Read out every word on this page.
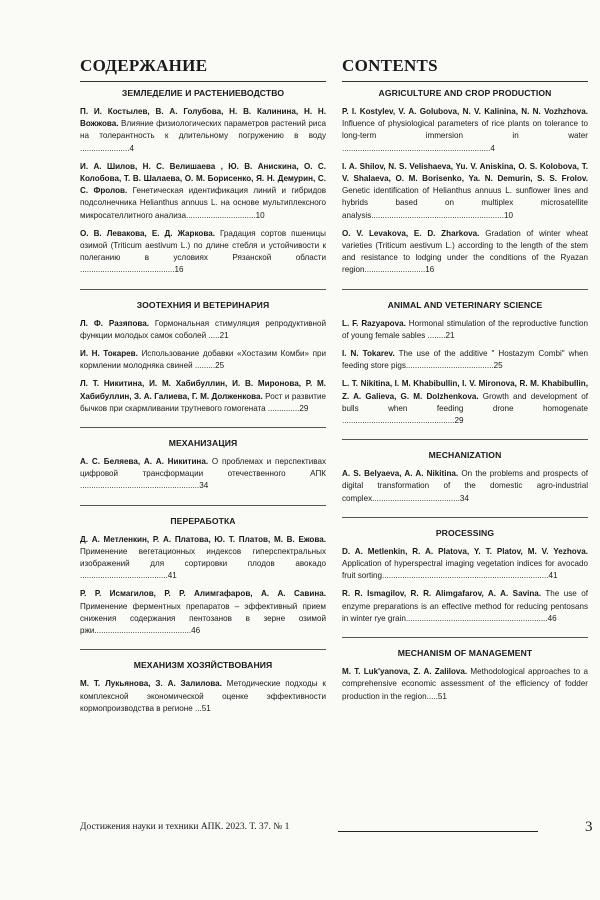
СОДЕРЖАНИЕ
ЗЕМЛЕДЕЛИЕ И РАСТЕНИЕВОДСТВО
П. И. Костылев, В. А. Голубова, Н. В. Калинина, Н. Н. Вожжова. Влияние физиологических параметров растений риса на толерантность к длительному погружению в воду ......................4
И. А. Шилов, Н. С. Велишаева , Ю. В. Анискина, О. С. Колобова, Т. В. Шалаева, О. М. Борисенко, Я. Н. Демурин, С. С. Фролов. Генетическая идентификация линий и гибридов подсолнечника Helianthus annuus L. на основе мультиплексного микросателлитного анализа...............................10
О. В. Левакова, Е. Д. Жаркова. Градация сортов пшеницы озимой (Triticum aestivum L.) по длине стебля и устойчивости к полеганию в условиях Рязанской области ..........................................16
ЗООТЕХНИЯ И ВЕТЕРИНАРИЯ
Л. Ф. Разяпова. Гормональная стимуляция репродуктивной функции молодых самок соболей .....21
И. Н. Токарев. Использование добавки «Хостазим Комби» при кормлении молодняка свиней .........25
Л. Т. Никитина, И. М. Хабибуллин, И. В. Миронова, Р. М. Хабибуллин, З. А. Галиева, Г. М. Долженкова. Рост и развитие бычков при скармливании трутневого гомогената ..............29
МЕХАНИЗАЦИЯ
А. С. Беляева, А. А. Никитина. О проблемах и перспективах цифровой трансформации отечественного АПК .....................................................34
ПЕРЕРАБОТКА
Д. А. Метленкин, Р. А. Платова, Ю. Т. Платов, М. В. Ежова. Применение вегетационных индексов гиперспектральных изображений для сортировки плодов авокадо .......................................41
Р. Р. Исмагилов, Р. Р. Алимгафаров, А. А. Савина. Применение ферментных препаратов – эффективный прием снижения содержания пентозанов в зерне озимой ржи...........................................46
МЕХАНИЗМ ХОЗЯЙСТВОВАНИЯ
М. Т. Лукьянова, З. А. Залилова. Методические подходы к комплексной экономической оценке эффективности кормопроизводства в регионе ...51
CONTENTS
AGRICULTURE AND CROP PRODUCTION
P. I. Kostylev, V. A. Golubova, N. V. Kalinina, N. N. Vozhzhova. Influence of physiological parameters of rice plants on tolerance to long-term immersion in water ..................................................................4
I. A. Shilov, N. S. Velishaeva, Yu. V. Aniskina, O. S. Kolobova, T. V. Shalaeva, O. M. Borisenko, Ya. N. Demurin, S. S. Frolov. Genetic identification of Helianthus annuus L. sunflower lines and hybrids based on multiplex microsatellite analysis...........................................................10
O. V. Levakova, E. D. Zharkova. Gradation of winter wheat varieties (Triticum aestivum L.) according to the length of the stem and resistance to lodging under the conditions of the Ryazan region...........................16
ANIMAL AND VETERINARY SCIENCE
L. F. Razyapova. Hormonal stimulation of the reproductive function of young female sables ........21
I. N. Tokarev. The use of the additive " Hostazym Combi" when feeding store pigs.......................................25
L. T. Nikitina, I. M. Khabibullin, I. V. Mironova, R. M. Khabibullin, Z. A. Galieva, G. M. Dolzhenkova. Growth and development of bulls when feeding drone homogenate ..................................................29
MECHANIZATION
A. S. Belyaeva, A. A. Nikitina. On the problems and prospects of digital transformation of the domestic agro-industrial complex.......................................34
PROCESSING
D. A. Metlenkin, R. A. Platova, Y. T. Platov, M. V. Yezhova. Application of hyperspectral imaging vegetation indices for avocado fruit sorting..........................................................................41
R. R. Ismagilov, R. R. Alimgafarov, A. A. Savina. The use of enzyme preparations is an effective method for reducing pentosans in winter rye grain...............................................................46
MECHANISM OF MANAGEMENT
M. T. Luk'yanova, Z. A. Zalilova. Methodological approaches to a comprehensive economic assessment of the efficiency of fodder production in the region.....51
Достижения науки и техники АПК. 2023. Т. 37. № 1	3
